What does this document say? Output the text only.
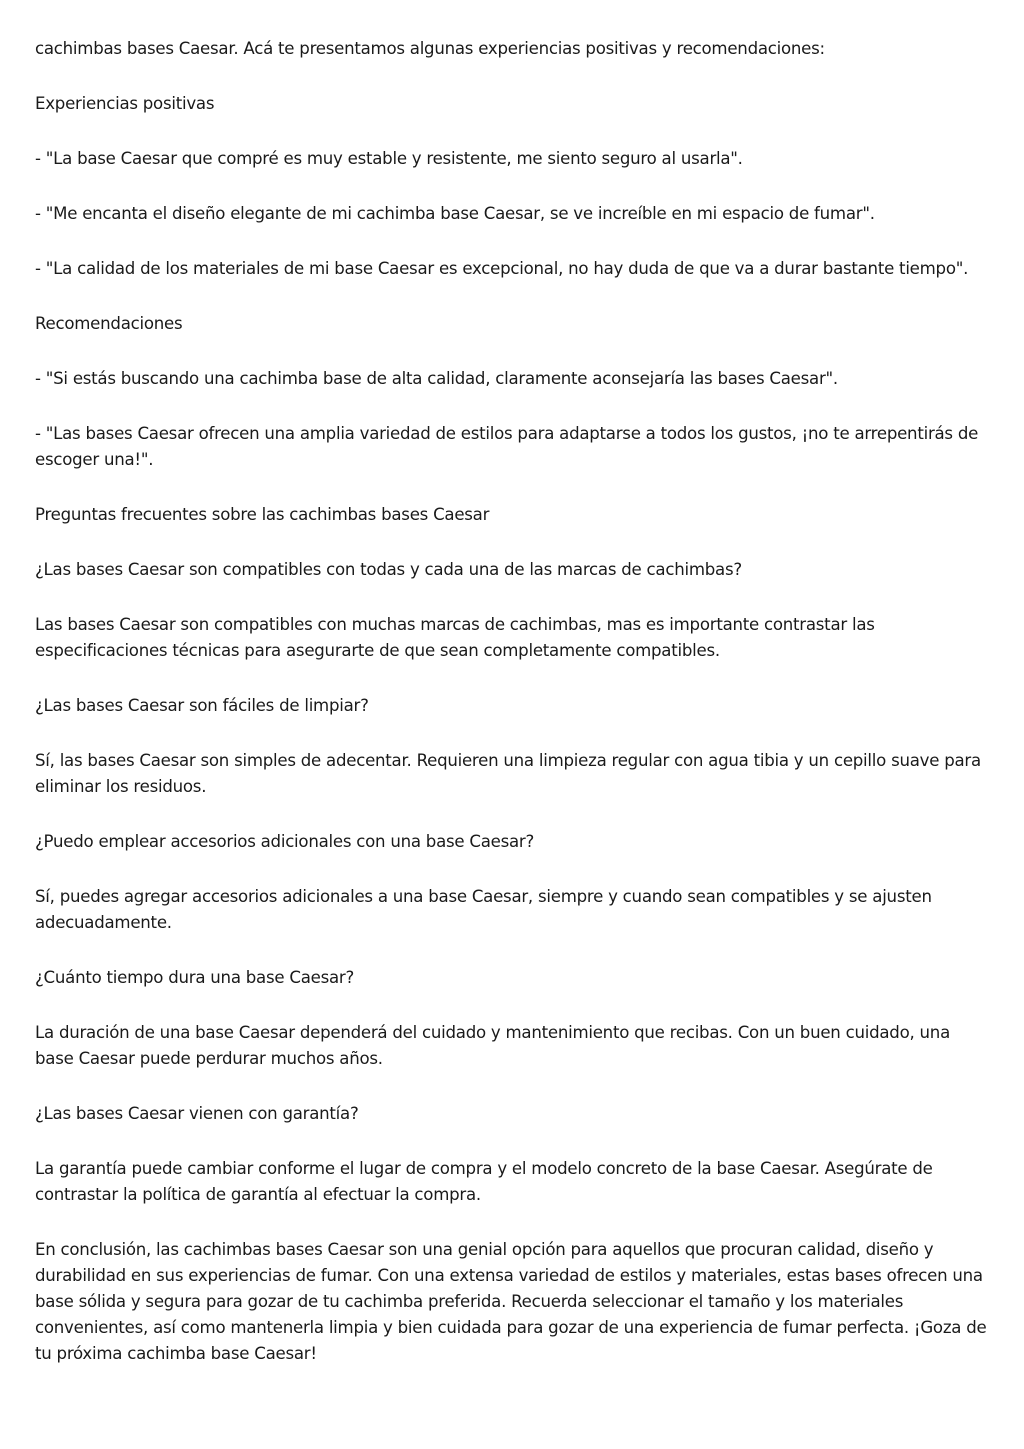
cachimbas bases Caesar. Acá te presentamos algunas experiencias positivas y recomendaciones:

Experiencias positivas

- "La base Caesar que compré es muy estable y resistente, me siento seguro al usarla".

- "Me encanta el diseño elegante de mi cachimba base Caesar, se ve increíble en mi espacio de fumar".

- "La calidad de los materiales de mi base Caesar es excepcional, no hay duda de que va a durar bastante tiempo".

Recomendaciones

- "Si estás buscando una cachimba base de alta calidad, claramente aconsejaría las bases Caesar".

- "Las bases Caesar ofrecen una amplia variedad de estilos para adaptarse a todos los gustos, ¡no te arrepentirás de escoger una!".

Preguntas frecuentes sobre las cachimbas bases Caesar

¿Las bases Caesar son compatibles con todas y cada una de las marcas de cachimbas?

Las bases Caesar son compatibles con muchas marcas de cachimbas, mas es importante contrastar las especificaciones técnicas para asegurarte de que sean completamente compatibles.

¿Las bases Caesar son fáciles de limpiar?

Sí, las bases Caesar son simples de adecentar. Requieren una limpieza regular con agua tibia y un cepillo suave para eliminar los residuos.

¿Puedo emplear accesorios adicionales con una base Caesar?

Sí, puedes agregar accesorios adicionales a una base Caesar, siempre y cuando sean compatibles y se ajusten adecuadamente.

¿Cuánto tiempo dura una base Caesar?

La duración de una base Caesar dependerá del cuidado y mantenimiento que recibas. Con un buen cuidado, una base Caesar puede perdurar muchos años.

¿Las bases Caesar vienen con garantía?

La garantía puede cambiar conforme el lugar de compra y el modelo concreto de la base Caesar. Asegúrate de contrastar la política de garantía al efectuar la compra.

En conclusión, las cachimbas bases Caesar son una genial opción para aquellos que procuran calidad, diseño y durabilidad en sus experiencias de fumar. Con una extensa variedad de estilos y materiales, estas bases ofrecen una base sólida y segura para gozar de tu cachimba preferida. Recuerda seleccionar el tamaño y los materiales convenientes, así como mantenerla limpia y bien cuidada para gozar de una experiencia de fumar perfecta. ¡Goza de tu próxima cachimba base Caesar!
